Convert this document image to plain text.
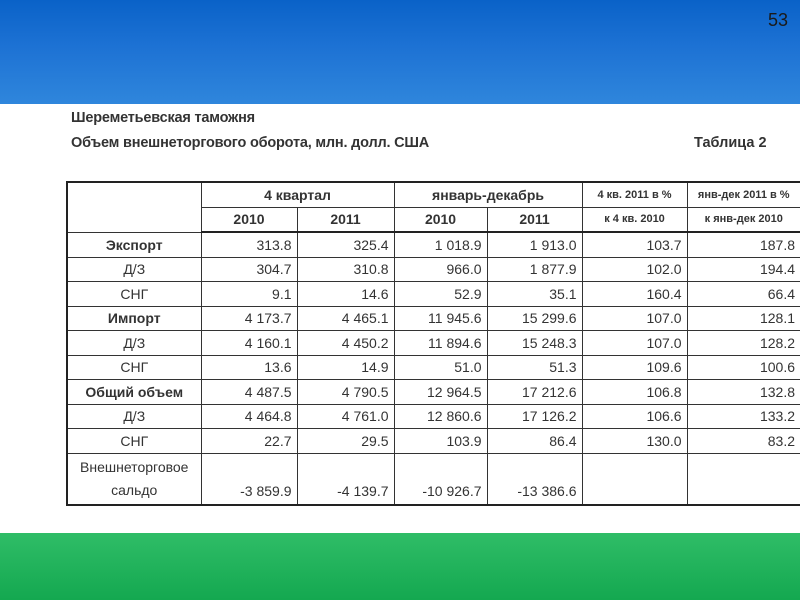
53
Шереметьевская таможня
Объем внешнеторгового оборота, млн. долл. США	Таблица 2
	4 квартал		январь-декабрь		4 кв. 2011 в %	янв-дек 2011 в %
	2010	2011	2010	2011	к 4 кв. 2010	к янв-дек 2010
Экспорт	313.8	325.4	1 018.9	1 913.0	103.7	187.8
Д/З	304.7	310.8	966.0	1 877.9	102.0	194.4
СНГ	9.1	14.6	52.9	35.1	160.4	66.4
Импорт	4 173.7	4 465.1	11 945.6	15 299.6	107.0	128.1
Д/З	4 160.1	4 450.2	11 894.6	15 248.3	107.0	128.2
СНГ	13.6	14.9	51.0	51.3	109.6	100.6
Общий объем	4 487.5	4 790.5	12 964.5	17 212.6	106.8	132.8
Д/З	4 464.8	4 761.0	12 860.6	17 126.2	106.6	133.2
СНГ	22.7	29.5	103.9	86.4	130.0	83.2

Внешнеторговое
сальдо	-3 859.9	-4 139.7	-10 926.7	-13 386.6		
